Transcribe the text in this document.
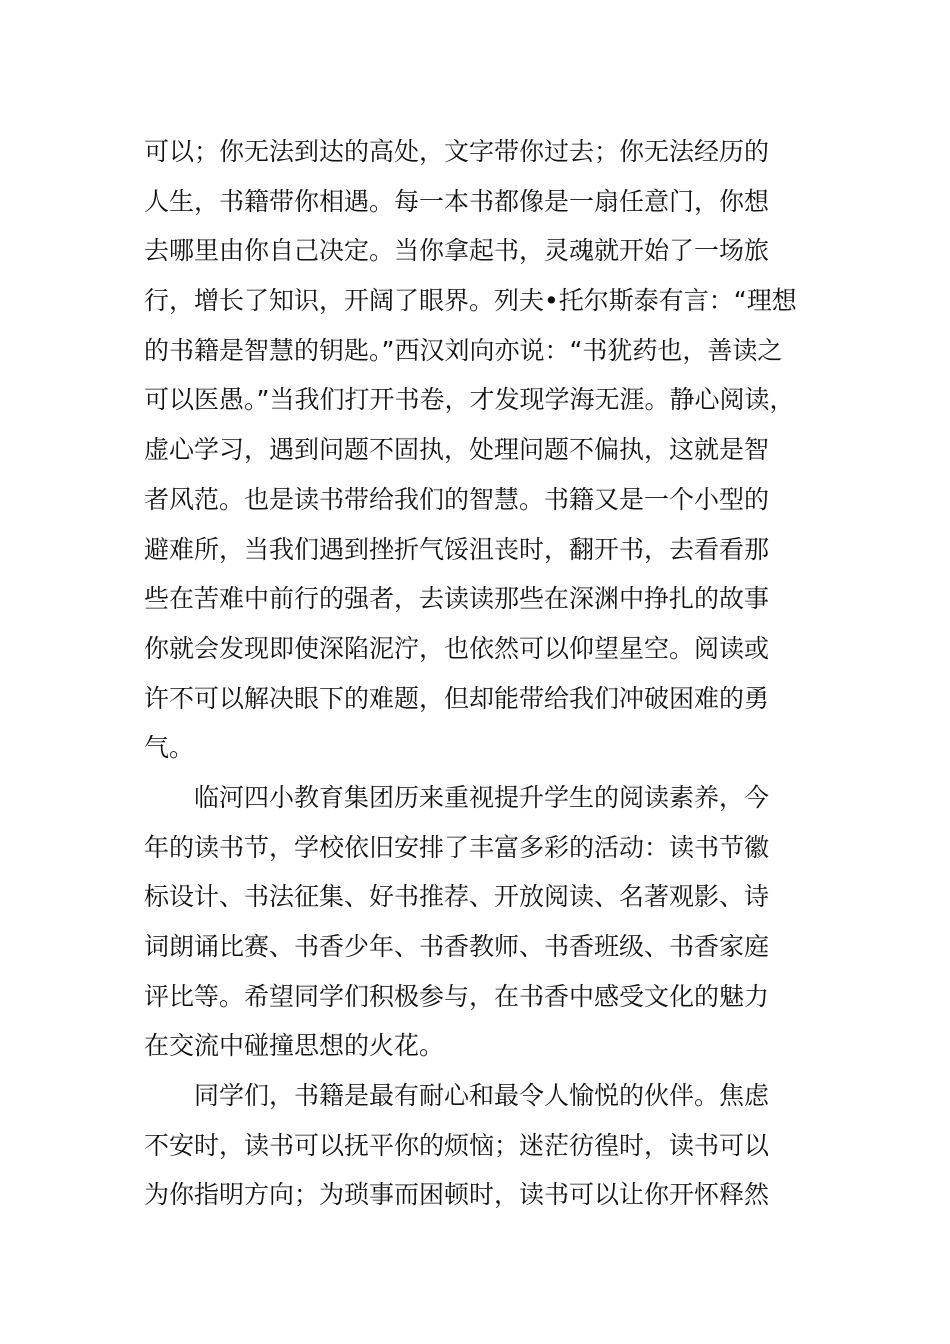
可以；你无法到达的高处，文字带你过去；你无法经历的
人生，书籍带你相遇。每一本书都像是一扇任意门，你想
去哪里由你自己决定。当你拿起书，灵魂就开始了一场旅
行，增长了知识，开阔了眼界。列夫•托尔斯泰有言：“理想
的书籍是智慧的钥匙。”西汉刘向亦说：“书犹药也，善读之
可以医愚。”当我们打开书卷，才发现学海无涯。静心阅读，
虚心学习，遇到问题不固执，处理问题不偏执，这就是智
者风范。也是读书带给我们的智慧。书籍又是一个小型的
避难所，当我们遇到挫折气馁沮丧时，翻开书，去看看那
些在苦难中前行的强者，去读读那些在深渊中挣扎的故事
你就会发现即使深陷泥泞，也依然可以仰望星空。阅读或
许不可以解决眼下的难题，但却能带给我们冲破困难的勇
气。
临河四小教育集团历来重视提升学生的阅读素养，今
年的读书节，学校依旧安排了丰富多彩的活动：读书节徽
标设计、书法征集、好书推荐、开放阅读、名著观影、诗
词朗诵比赛、书香少年、书香教师、书香班级、书香家庭
评比等。希望同学们积极参与，在书香中感受文化的魅力
在交流中碰撞思想的火花。
同学们，书籍是最有耐心和最令人愉悦的伙伴。焦虑
不安时，读书可以抚平你的烦恼；迷茫彷徨时，读书可以
为你指明方向；为琐事而困顿时，读书可以让你开怀释然
